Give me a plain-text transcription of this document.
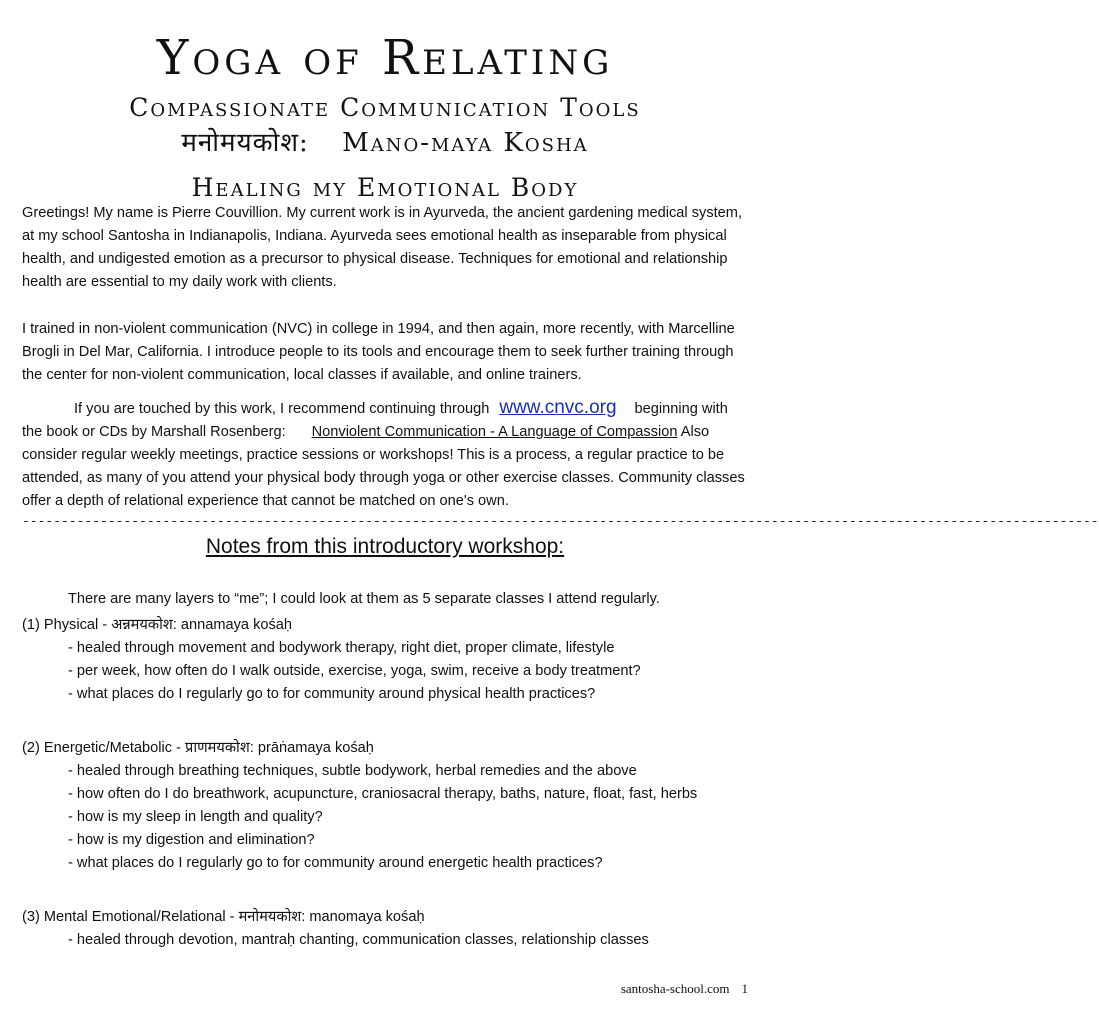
Yoga of Relating
Compassionate Communication Tools
मनोमयकोश: Mano-maya Kosha
Healing my Emotional Body

Greetings! My name is Pierre Couvillion. My current work is in Ayurveda, the ancient gardening medical system, at my school Santosha in Indianapolis, Indiana. Ayurveda sees emotional health as inseparable from physical health, and undigested emotion as a precursor to physical disease. Techniques for emotional and relationship health are essential to my daily work with clients.

I trained in non-violent communication (NVC) in college in 1994, and then again, more recently, with Marcelline Brogli in Del Mar, California. I introduce people to its tools and encourage them to seek further training through the center for non-violent communication, local classes if available, and online trainers.

If you are touched by this work, I recommend continuing through www.cnvc.org beginning with the book or CDs by Marshall Rosenberg: Nonviolent Communication - A Language of Compassion Also consider regular weekly meetings, practice sessions or workshops! This is a process, a regular practice to be attended, as many of you attend your physical body through yoga or other exercise classes. Community classes offer a depth of relational experience that cannot be matched on one's own.

------------------------------------------------------------------------------------------------------------------------------------------
Notes from this introductory workshop:
There are many layers to “me”; I could look at them as 5 separate classes I attend regularly.

(1) Physical - अन्नमयकोश: annamaya kośaḥ

- healed through movement and bodywork therapy, right diet, proper climate, lifestyle
- per week, how often do I walk outside, exercise, yoga, swim, receive a body treatment?
- what places do I regularly go to for community around physical health practices?

(2) Energetic/Metabolic - प्राणमयकोश: prāṅamaya kośaḥ

- healed through breathing techniques, subtle bodywork, herbal remedies and the above
- how often do I do breathwork, acupuncture, craniosacral therapy, baths, nature, float, fast, herbs
- how is my sleep in length and quality?
- how is my digestion and elimination?
- what places do I regularly go to for community around energetic health practices?

(3) Mental Emotional/Relational - मनोमयकोश: manomaya kośaḥ

- healed through devotion, mantraḥ chanting, communication classes, relationship classes
santosha-school.com 1
